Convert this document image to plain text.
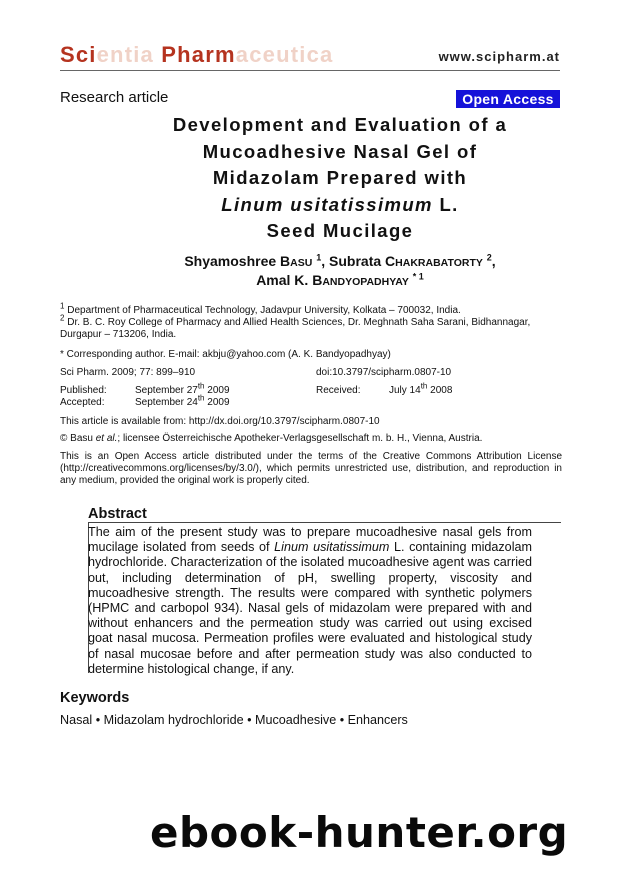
Scientia Pharmaceutica	www.scipharm.at
Research article	Open Access
Development and Evaluation of a
Mucoadhesive Nasal Gel of
Midazolam Prepared with
Linum usitatissimum L.
Seed Mucilage
Shyamoshree BASU $^1$, Subrata CHAKRABATORTY $^2$,
Amal K. BANDYOPADHYAY $^{* 1}$
$^1$ Department of Pharmaceutical Technology, Jadavpur University, Kolkata – 700032, India.
$^2$ Dr. B. C. Roy College of Pharmacy and Allied Health Sciences, Dr. Meghnath Saha Sarani, Bidhannagar, Durgapur – 713206, India.
* Corresponding author. E-mail: akbju@yahoo.com (A. K. Bandyopadhyay)
Sci Pharm. 2009; 77: 899–910	doi:10.3797/scipharm.0807-10
Published:	September 27th 2009	Received:	July 14th 2008
Accepted:	September 24th 2009
This article is available from: http://dx.doi.org/10.3797/scipharm.0807-10
© Basu et al.; licensee Österreichische Apotheker-Verlagsgesellschaft m. b. H., Vienna, Austria.
This is an Open Access article distributed under the terms of the Creative Commons Attribution License (http://creativecommons.org/licenses/by/3.0/), which permits unrestricted use, distribution, and reproduction in any medium, provided the original work is properly cited.
Abstract
The aim of the present study was to prepare mucoadhesive nasal gels from mucilage isolated from seeds of Linum usitatissimum L. containing midazolam hydrochloride. Characterization of the isolated mucoadhesive agent was carried out, including determination of pH, swelling property, viscosity and mucoadhesive strength. The results were compared with synthetic polymers (HPMC and carbopol 934). Nasal gels of midazolam were prepared with and without enhancers and the permeation study was carried out using excised goat nasal mucosa. Permeation profiles were evaluated and histological study of nasal mucosae before and after permeation study was also conducted to determine histological change, if any.
Keywords
Nasal • Midazolam hydrochloride • Mucoadhesive • Enhancers
ebook-hunter.org
